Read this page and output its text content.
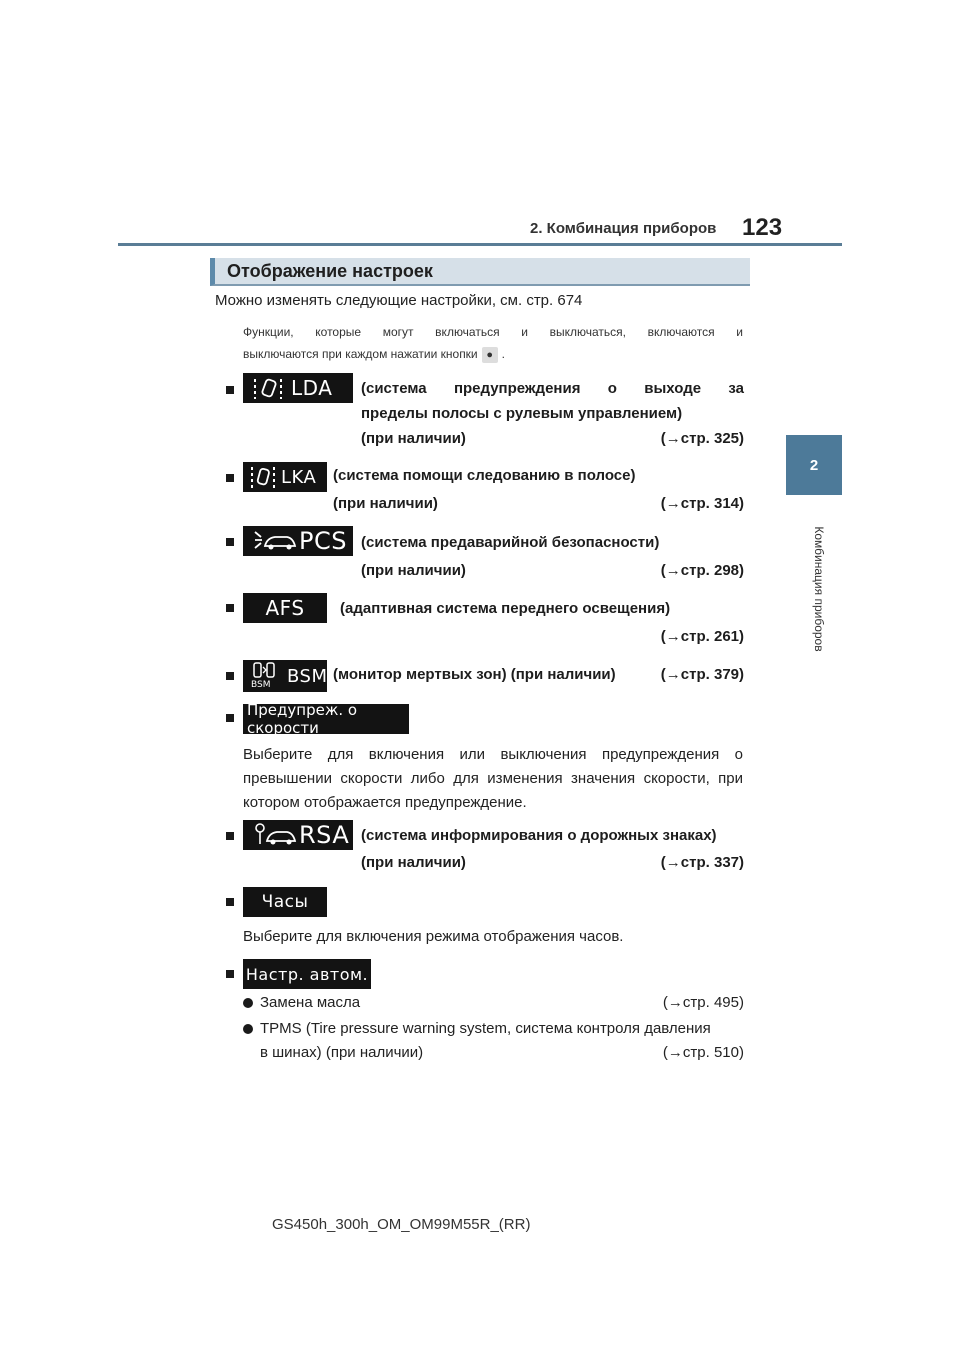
2. Комбинация приборов 123
2
Комбинация приборов
Отображение настроек
Можно изменять следующие настройки, см. стр. 674
Функции, которые могут включаться и выключаться, включаются и
выключаются при каждом нажатии кнопки ● .
LDA (система предупреждения о выходе за
пределы полосы с рулевым управлением)
(при наличии)	(→стр. 325)
LKA (система помощи следованию в полосе)
(при наличии)	(→стр. 314)
PCS (система предаварийной безопасности)
(при наличии)	(→стр. 298)
AFS (адаптивная система переднего освещения)
(→стр. 261)
BSM BSM (монитор мертвых зон) (при наличии)	(→стр. 379)
Предупреж. о скорости
Выберите для включения или выключения предупреждения о
превышении скорости либо для изменения значения скорости, при
котором отображается предупреждение.
RSA (система информирования о дорожных знаках)
(при наличии)	(→стр. 337)
Часы
Выберите для включения режима отображения часов.
Настр. автом.
Замена масла	(→стр. 495)
TPMS (Tire pressure warning system, система контроля давления
в шинах) (при наличии)	(→стр. 510)
GS450h_300h_OM_OM99M55R_(RR)
